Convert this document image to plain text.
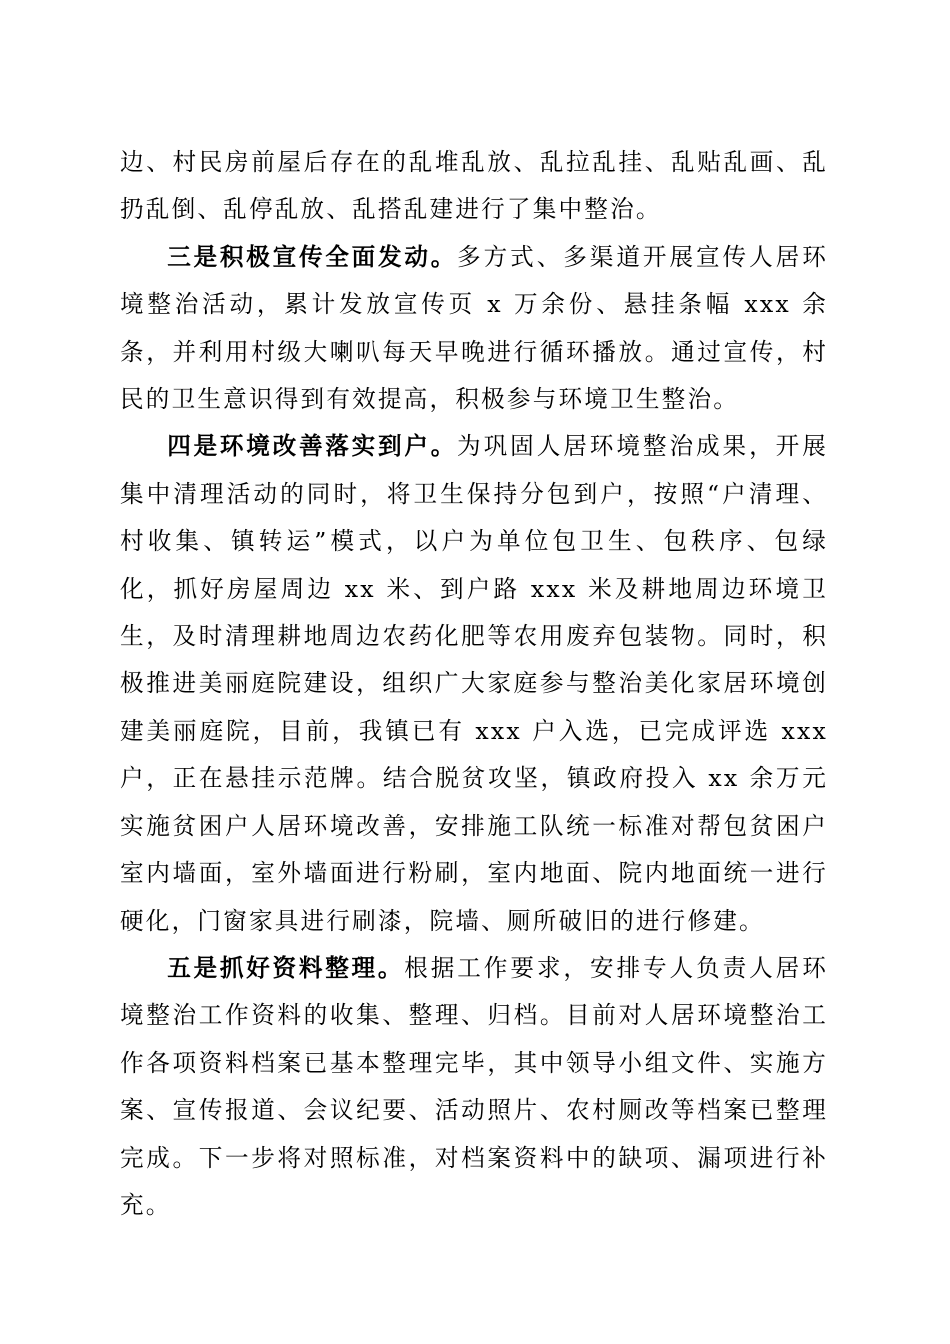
边、村民房前屋后存在的乱堆乱放、乱拉乱挂、乱贴乱画、乱扔乱倒、乱停乱放、乱搭乱建进行了集中整治。

三是积极宣传全面发动。多方式、多渠道开展宣传人居环境整治活动，累计发放宣传页 x 万余份、悬挂条幅 xxx 余条，并利用村级大喇叭每天早晚进行循环播放。通过宣传，村民的卫生意识得到有效提高，积极参与环境卫生整治。

四是环境改善落实到户。为巩固人居环境整治成果，开展集中清理活动的同时，将卫生保持分包到户，按照“户清理、村收集、镇转运”模式，以户为单位包卫生、包秩序、包绿化，抓好房屋周边 xx 米、到户路 xxx 米及耕地周边环境卫生，及时清理耕地周边农药化肥等农用废弃包装物。同时，积极推进美丽庭院建设，组织广大家庭参与整治美化家居环境创建美丽庭院，目前，我镇已有 xxx 户入选，已完成评选 xxx 户，正在悬挂示范牌。结合脱贫攻坚，镇政府投入 xx 余万元实施贫困户人居环境改善，安排施工队统一标准对帮包贫困户室内墙面，室外墙面进行粉刷，室内地面、院内地面统一进行硬化，门窗家具进行刷漆，院墙、厕所破旧的进行修建。

五是抓好资料整理。根据工作要求，安排专人负责人居环境整治工作资料的收集、整理、归档。目前对人居环境整治工作各项资料档案已基本整理完毕，其中领导小组文件、实施方案、宣传报道、会议纪要、活动照片、农村厕改等档案已整理完成。下一步将对照标准，对档案资料中的缺项、漏项进行补充。
